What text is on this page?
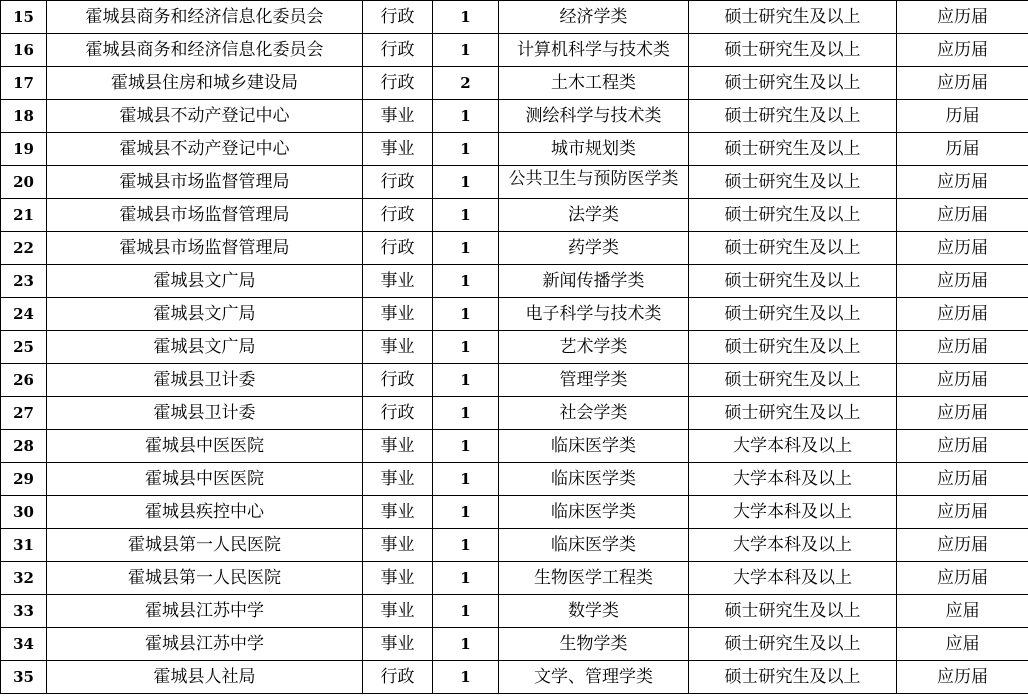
15	霍城县商务和经济信息化委员会	行政	1	经济学类	硕士研究生及以上	应历届
16	霍城县商务和经济信息化委员会	行政	1	计算机科学与技术类	硕士研究生及以上	应历届
17	霍城县住房和城乡建设局	行政	2	土木工程类	硕士研究生及以上	应历届
18	霍城县不动产登记中心	事业	1	测绘科学与技术类	硕士研究生及以上	历届
19	霍城县不动产登记中心	事业	1	城市规划类	硕士研究生及以上	历届
20	霍城县市场监督管理局	行政	1	公共卫生与预防医学类	硕士研究生及以上	应历届
21	霍城县市场监督管理局	行政	1	法学类	硕士研究生及以上	应历届
22	霍城县市场监督管理局	行政	1	药学类	硕士研究生及以上	应历届
23	霍城县文广局	事业	1	新闻传播学类	硕士研究生及以上	应历届
24	霍城县文广局	事业	1	电子科学与技术类	硕士研究生及以上	应历届
25	霍城县文广局	事业	1	艺术学类	硕士研究生及以上	应历届
26	霍城县卫计委	行政	1	管理学类	硕士研究生及以上	应历届
27	霍城县卫计委	行政	1	社会学类	硕士研究生及以上	应历届
28	霍城县中医医院	事业	1	临床医学类	大学本科及以上	应历届
29	霍城县中医医院	事业	1	临床医学类	大学本科及以上	应历届
30	霍城县疾控中心	事业	1	临床医学类	大学本科及以上	应历届
31	霍城县第一人民医院	事业	1	临床医学类	大学本科及以上	应历届
32	霍城县第一人民医院	事业	1	生物医学工程类	大学本科及以上	应历届
33	霍城县江苏中学	事业	1	数学类	硕士研究生及以上	应届
34	霍城县江苏中学	事业	1	生物学类	硕士研究生及以上	应届
35	霍城县人社局	行政	1	文学、管理学类	硕士研究生及以上	应历届
